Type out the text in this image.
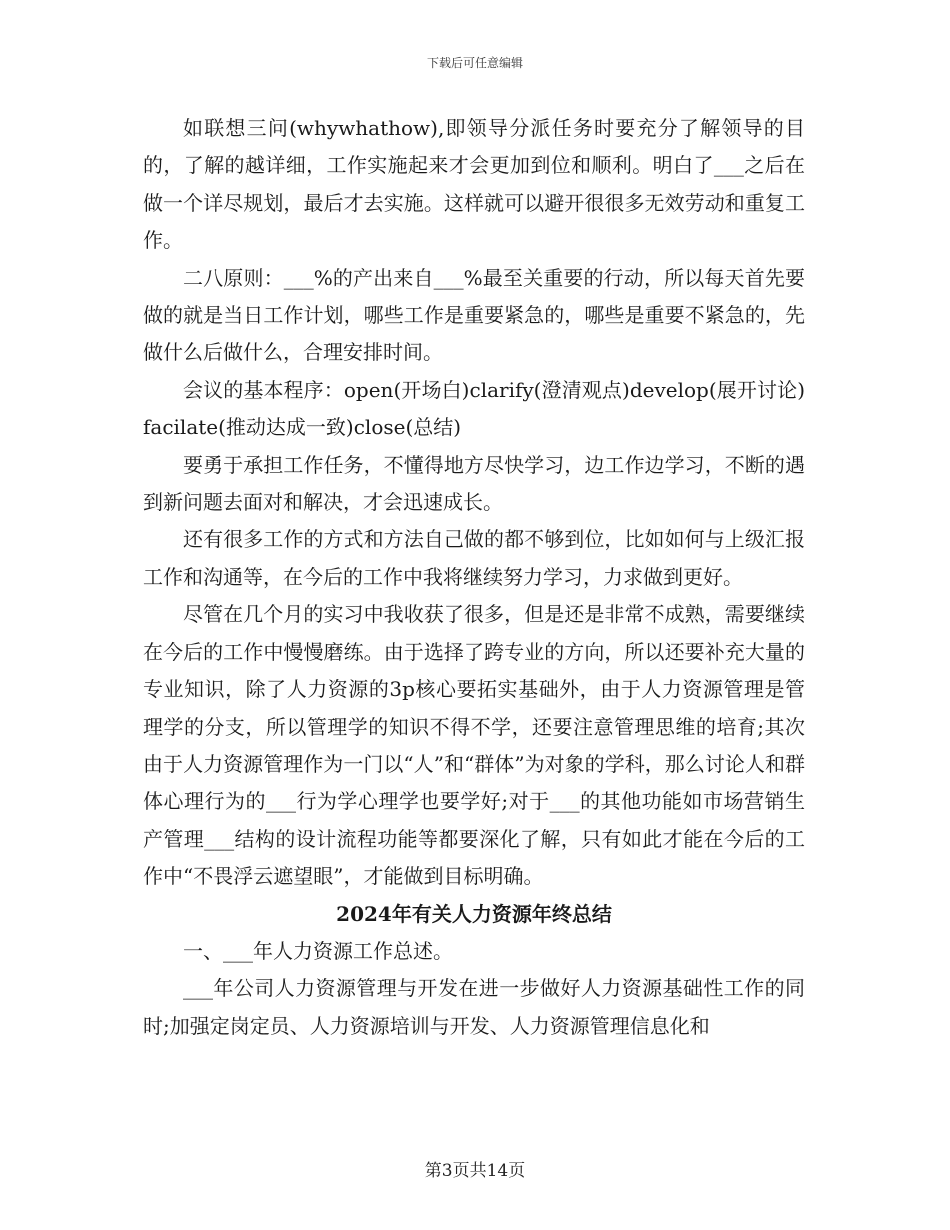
下载后可任意编辑

如联想三问(whywhathow),即领导分派任务时要充分了解领导的目的，了解的越详细，工作实施起来才会更加到位和顺利。明白了___之后在做一个详尽规划，最后才去实施。这样就可以避开很很多无效劳动和重复工作。

二八原则：___%的产出来自___%最至关重要的行动，所以每天首先要做的就是当日工作计划，哪些工作是重要紧急的，哪些是重要不紧急的，先做什么后做什么，合理安排时间。

会议的基本程序：open(开场白)clarify(澄清观点)develop(展开讨论)facilate(推动达成一致)close(总结)

要勇于承担工作任务，不懂得地方尽快学习，边工作边学习，不断的遇到新问题去面对和解决，才会迅速成长。

还有很多工作的方式和方法自己做的都不够到位，比如如何与上级汇报工作和沟通等，在今后的工作中我将继续努力学习，力求做到更好。

尽管在几个月的实习中我收获了很多，但是还是非常不成熟，需要继续在今后的工作中慢慢磨练。由于选择了跨专业的方向，所以还要补充大量的专业知识，除了人力资源的3p核心要拓实基础外，由于人力资源管理是管理学的分支，所以管理学的知识不得不学，还要注意管理思维的培育;其次由于人力资源管理作为一门以“人”和“群体”为对象的学科，那么讨论人和群体心理行为的___行为学心理学也要学好;对于___的其他功能如市场营销生产管理___结构的设计流程功能等都要深化了解，只有如此才能在今后的工作中“不畏浮云遮望眼”，才能做到目标明确。

2024年有关人力资源年终总结

一、___年人力资源工作总述。

___年公司人力资源管理与开发在进一步做好人力资源基础性工作的同时;加强定岗定员、人力资源培训与开发、人力资源管理信息化和

第3页共14页
